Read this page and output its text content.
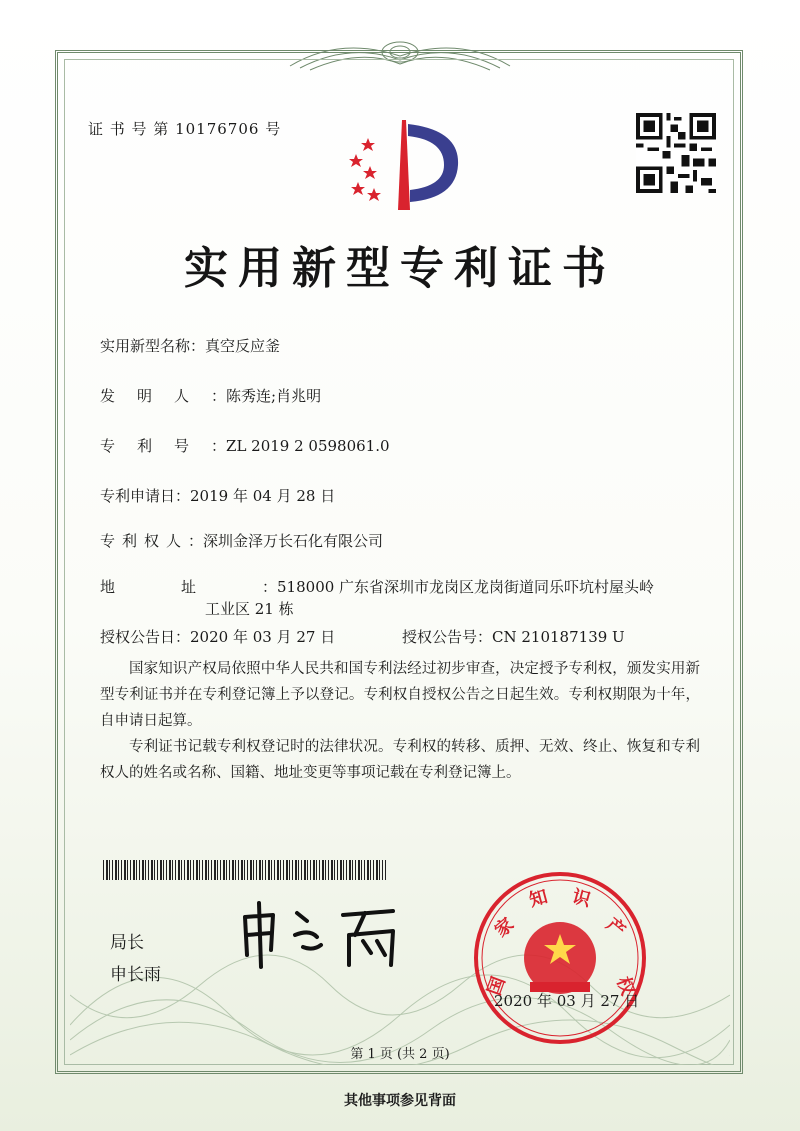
证 书 号 第 10176706 号
实用新型专利证书
实用新型名称：真空反应釜
发明人：陈秀连;肖兆明
专利号：ZL 2019 2 0598061.0
专利申请日：2019 年 04 月 28 日
专利权人：深圳金泽万长石化有限公司
地址：518000 广东省深圳市龙岗区龙岗街道同乐吓坑村屋头岭
工业区 21 栋
授权公告日：2020 年 03 月 27 日	授权公告号：CN 210187139 U
国家知识产权局依照中华人民共和国专利法经过初步审查，决定授予专利权，颁发实用新型专利证书并在专利登记簿上予以登记。专利权自授权公告之日起生效。专利权期限为十年，自申请日起算。
专利证书记载专利权登记时的法律状况。专利权的转移、质押、无效、终止、恢复和专利权人的姓名或名称、国籍、地址变更等事项记载在专利登记簿上。
局长
申长雨	国
家
知 识
产
权
2020 年 03 月 27 日
第 1 页 (共 2 页)
其他事项参见背面
